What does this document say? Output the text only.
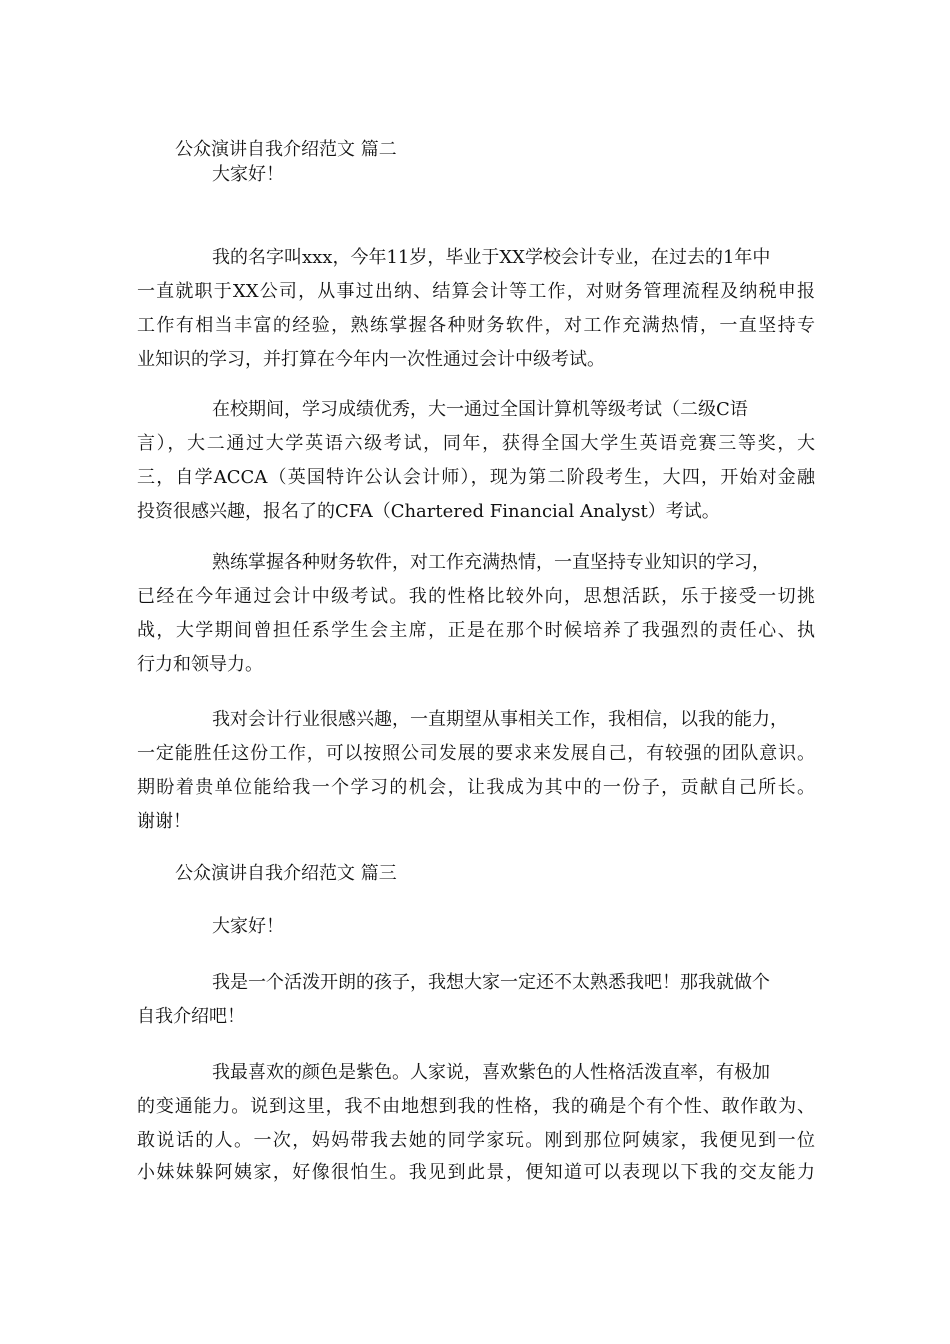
公众演讲自我介绍范文 篇二
大家好！
我的名字叫xxx，今年11岁，毕业于XX学校会计专业，在过去的1年中
一直就职于XX公司，从事过出纳、结算会计等工作，对财务管理流程及纳税申报
工作有相当丰富的经验，熟练掌握各种财务软件，对工作充满热情，一直坚持专
业知识的学习，并打算在今年内一次性通过会计中级考试。
在校期间，学习成绩优秀，大一通过全国计算机等级考试（二级C语
言），大二通过大学英语六级考试，同年，获得全国大学生英语竞赛三等奖，大
三，自学ACCA（英国特许公认会计师），现为第二阶段考生，大四，开始对金融
投资很感兴趣，报名了的CFA（Chartered Financial Analyst）考试。
熟练掌握各种财务软件，对工作充满热情，一直坚持专业知识的学习，
已经在今年通过会计中级考试。我的性格比较外向，思想活跃，乐于接受一切挑
战，大学期间曾担任系学生会主席，正是在那个时候培养了我强烈的责任心、执
行力和领导力。
我对会计行业很感兴趣，一直期望从事相关工作，我相信，以我的能力，
一定能胜任这份工作，可以按照公司发展的要求来发展自己，有较强的团队意识。
期盼着贵单位能给我一个学习的机会，让我成为其中的一份子，贡献自己所长。
谢谢！
公众演讲自我介绍范文 篇三
大家好！
我是一个活泼开朗的孩子，我想大家一定还不太熟悉我吧！那我就做个
自我介绍吧！
我最喜欢的颜色是紫色。人家说，喜欢紫色的人性格活泼直率，有极加
的变通能力。说到这里，我不由地想到我的性格，我的确是个有个性、敢作敢为、
敢说话的人。一次，妈妈带我去她的同学家玩。刚到那位阿姨家，我便见到一位
小妹妹躲阿姨家，好像很怕生。我见到此景，便知道可以表现以下我的交友能力
